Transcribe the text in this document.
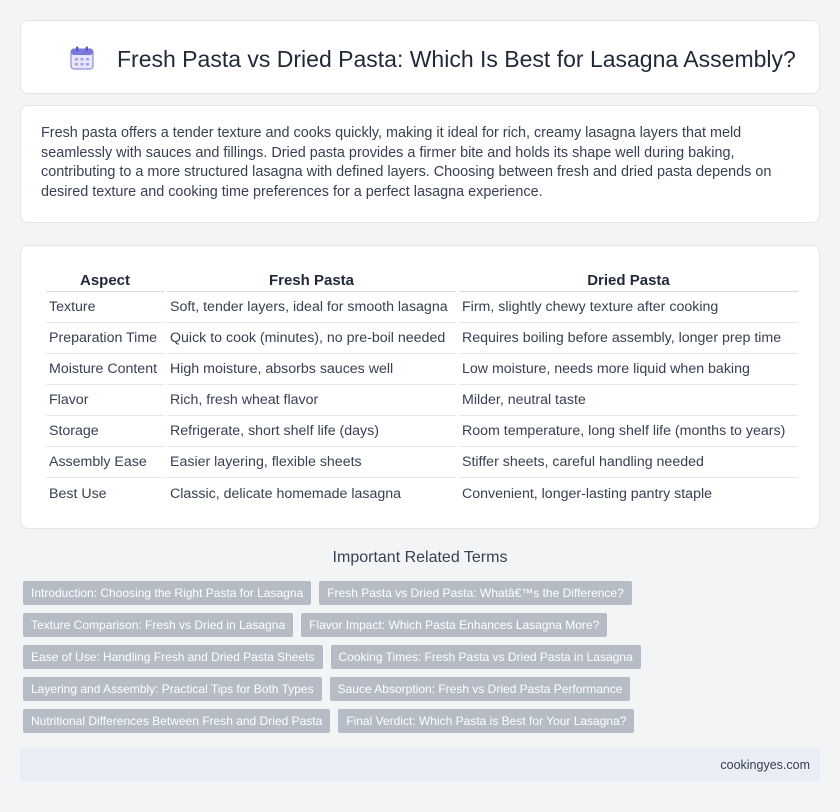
Fresh Pasta vs Dried Pasta: Which Is Best for Lasagna Assembly?

Fresh pasta offers a tender texture and cooks quickly, making it ideal for rich, creamy lasagna layers that meld seamlessly with sauces and fillings. Dried pasta provides a firmer bite and holds its shape well during baking, contributing to a more structured lasagna with defined layers. Choosing between fresh and dried pasta depends on desired texture and cooking time preferences for a perfect lasagna experience.

Aspect	Fresh Pasta	Dried Pasta
Texture	Soft, tender layers, ideal for smooth lasagna	Firm, slightly chewy texture after cooking
Preparation Time	Quick to cook (minutes), no pre-boil needed	Requires boiling before assembly, longer prep time
Moisture Content	High moisture, absorbs sauces well	Low moisture, needs more liquid when baking
Flavor	Rich, fresh wheat flavor	Milder, neutral taste
Storage	Refrigerate, short shelf life (days)	Room temperature, long shelf life (months to years)
Assembly Ease	Easier layering, flexible sheets	Stiffer sheets, careful handling needed
Best Use	Classic, delicate homemade lasagna	Convenient, longer-lasting pantry staple
Important Related Terms
Introduction: Choosing the Right Pasta for Lasagna	Fresh Pasta vs Dried Pasta: Whatâ€™s the Difference?
Texture Comparison: Fresh vs Dried in Lasagna	Flavor Impact: Which Pasta Enhances Lasagna More?
Ease of Use: Handling Fresh and Dried Pasta Sheets	Cooking Times: Fresh Pasta vs Dried Pasta in Lasagna
Layering and Assembly: Practical Tips for Both Types	Sauce Absorption: Fresh vs Dried Pasta Performance
Nutritional Differences Between Fresh and Dried Pasta	Final Verdict: Which Pasta is Best for Your Lasagna?
cookingyes.com
